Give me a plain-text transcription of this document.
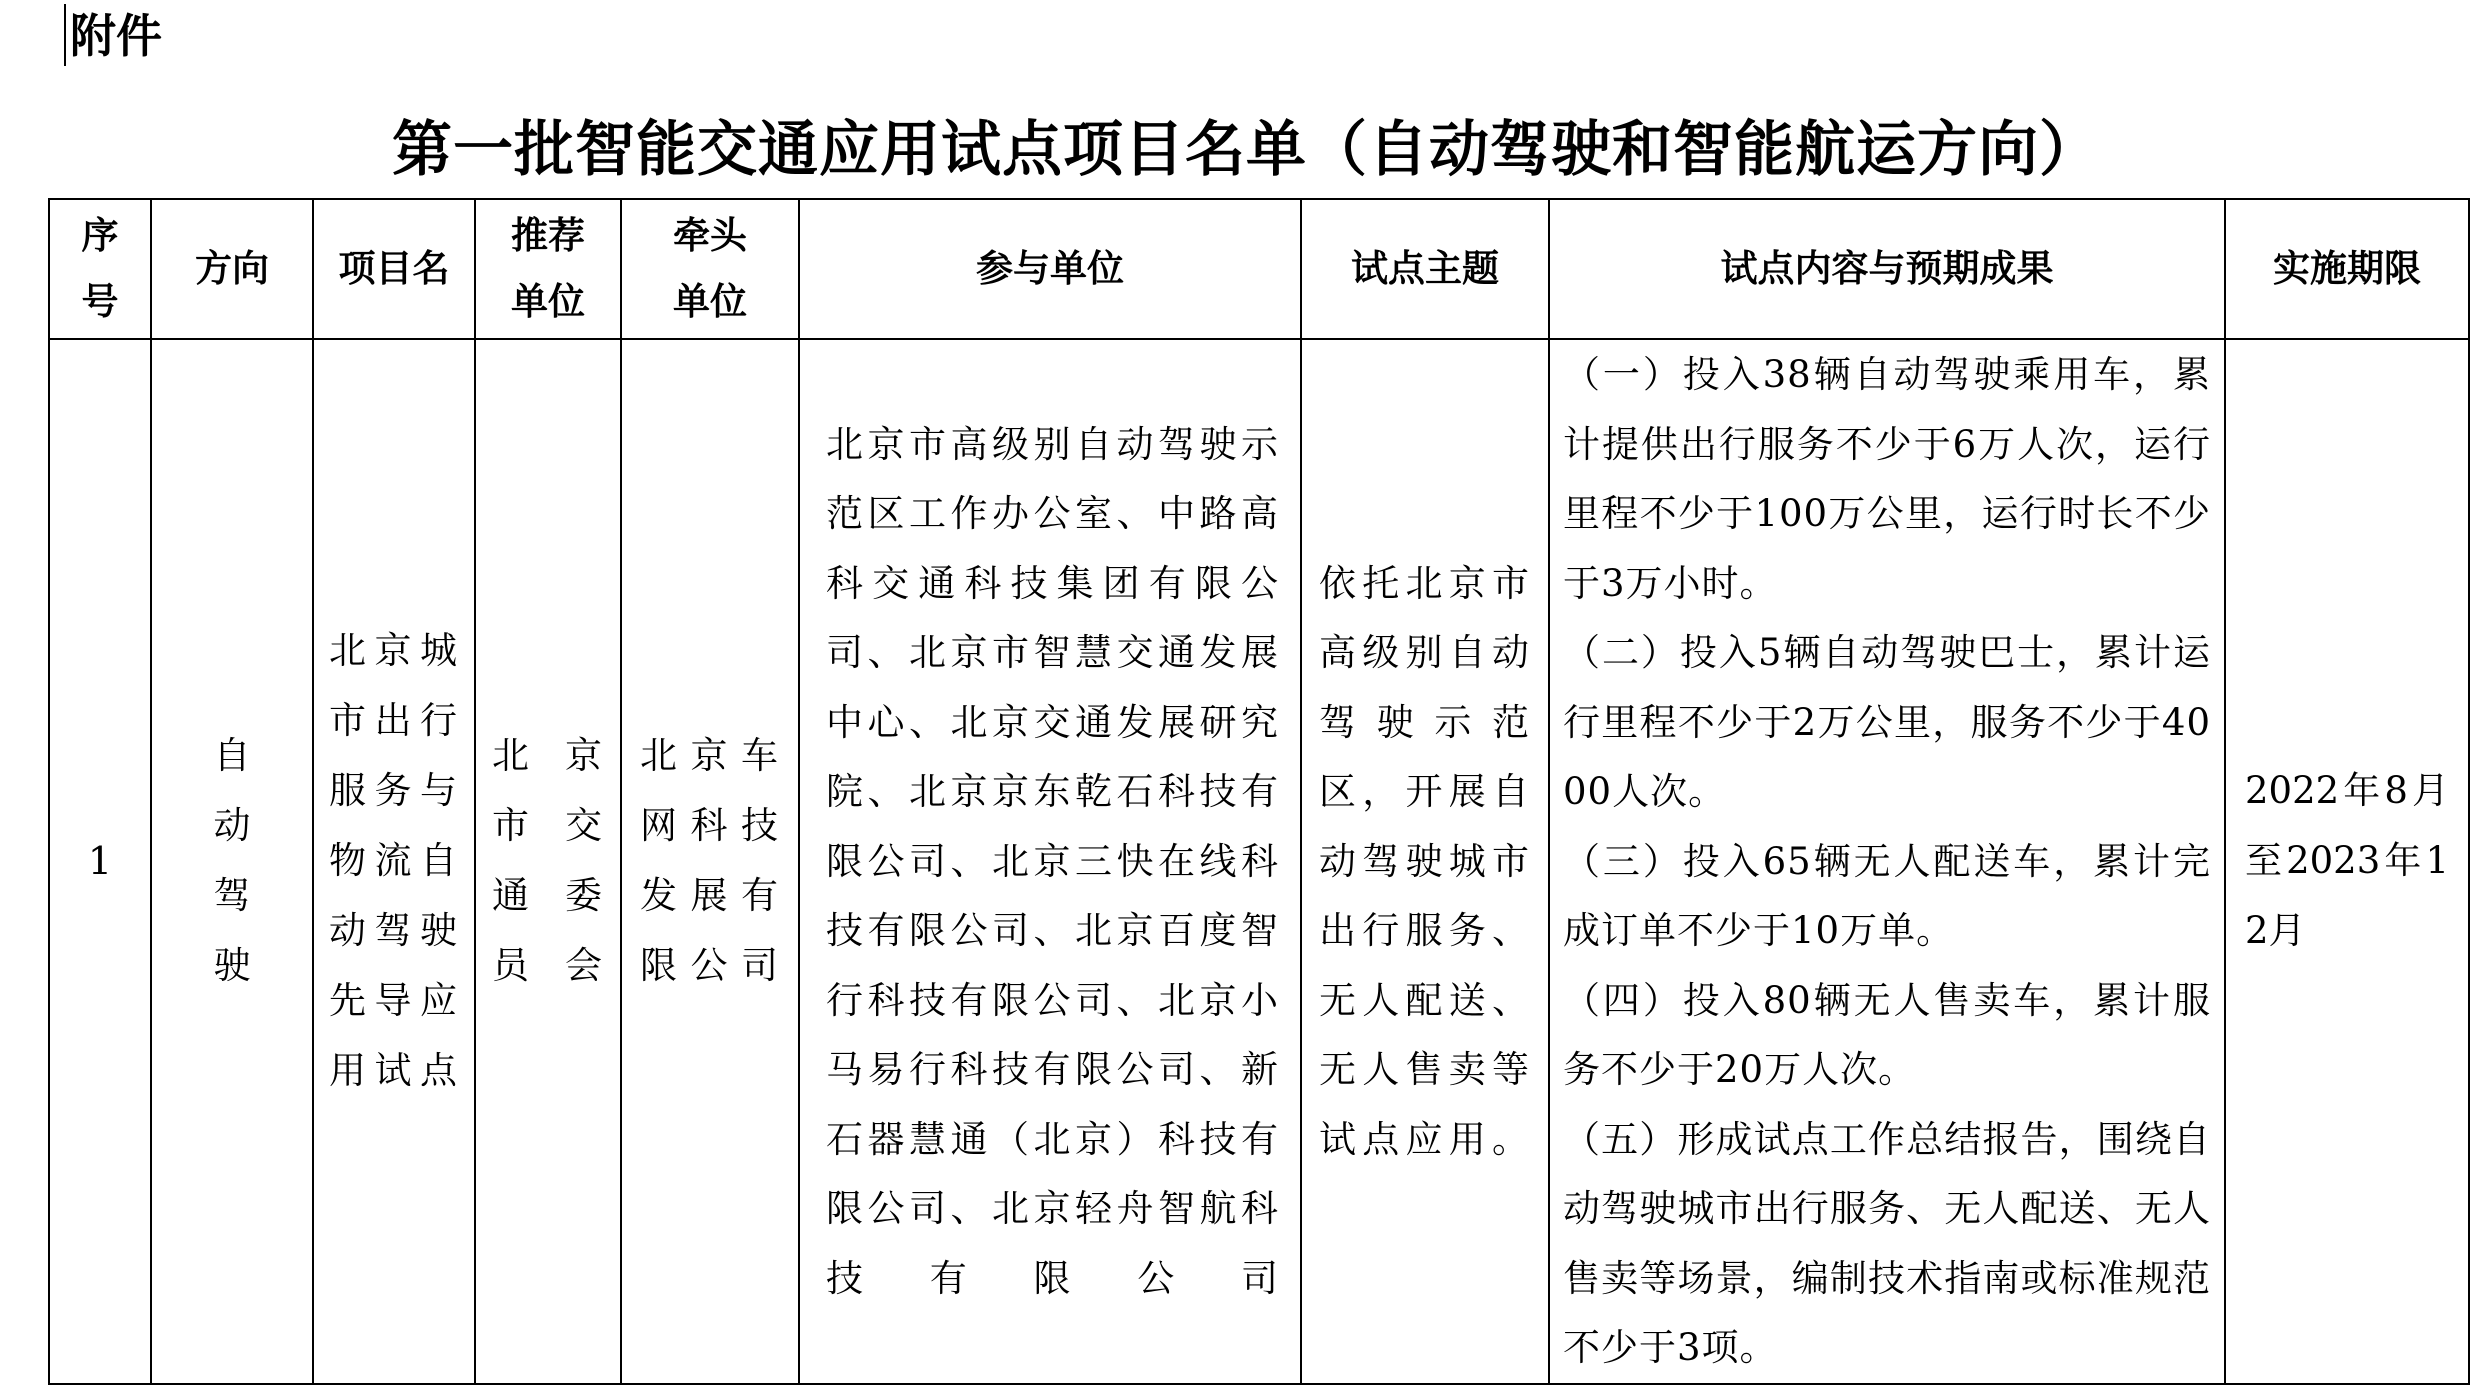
附件
第一批智能交通应用试点项目名单（自动驾驶和智能航运方向）
序号	方向	项目名	推荐单位	牵头单位	参与单位	试点主题	试点内容与预期成果	实施期限

1	自动驾驶	北京城市出行服务与物流自动驾驶先导应用试点	北京市交通委员会	北京车网科技发展有限公司	北京市高级别自动驾驶示范区工作办公室、中路高科交通科技集团有限公司、北京市智慧交通发展中心、北京交通发展研究院、北京京东乾石科技有限公司、北京三快在线科技有限公司、北京百度智行科技有限公司、北京小马易行科技有限公司、新石器慧通（北京）科技有限公司、北京轻舟智航科技有限公司	依托北京市高级别自动驾驶示范区，开展自动驾驶城市出行服务、无人配送、无人售卖等试点应用。	（一）投入38辆自动驾驶乘用车，累计提供出行服务不少于6万人次，运行里程不少于100万公里，运行时长不少于3万小时。

（二）投入5辆自动驾驶巴士，累计运行里程不少于2万公里，服务不少于4000人次。

（三）投入65辆无人配送车，累计完成订单不少于10万单。

（四）投入80辆无人售卖车，累计服务不少于20万人次。

（五）形成试点工作总结报告，围绕自动驾驶城市出行服务、无人配送、无人售卖等场景，编制技术指南或标准规范不少于3项。	2022年8月至2023年12月
